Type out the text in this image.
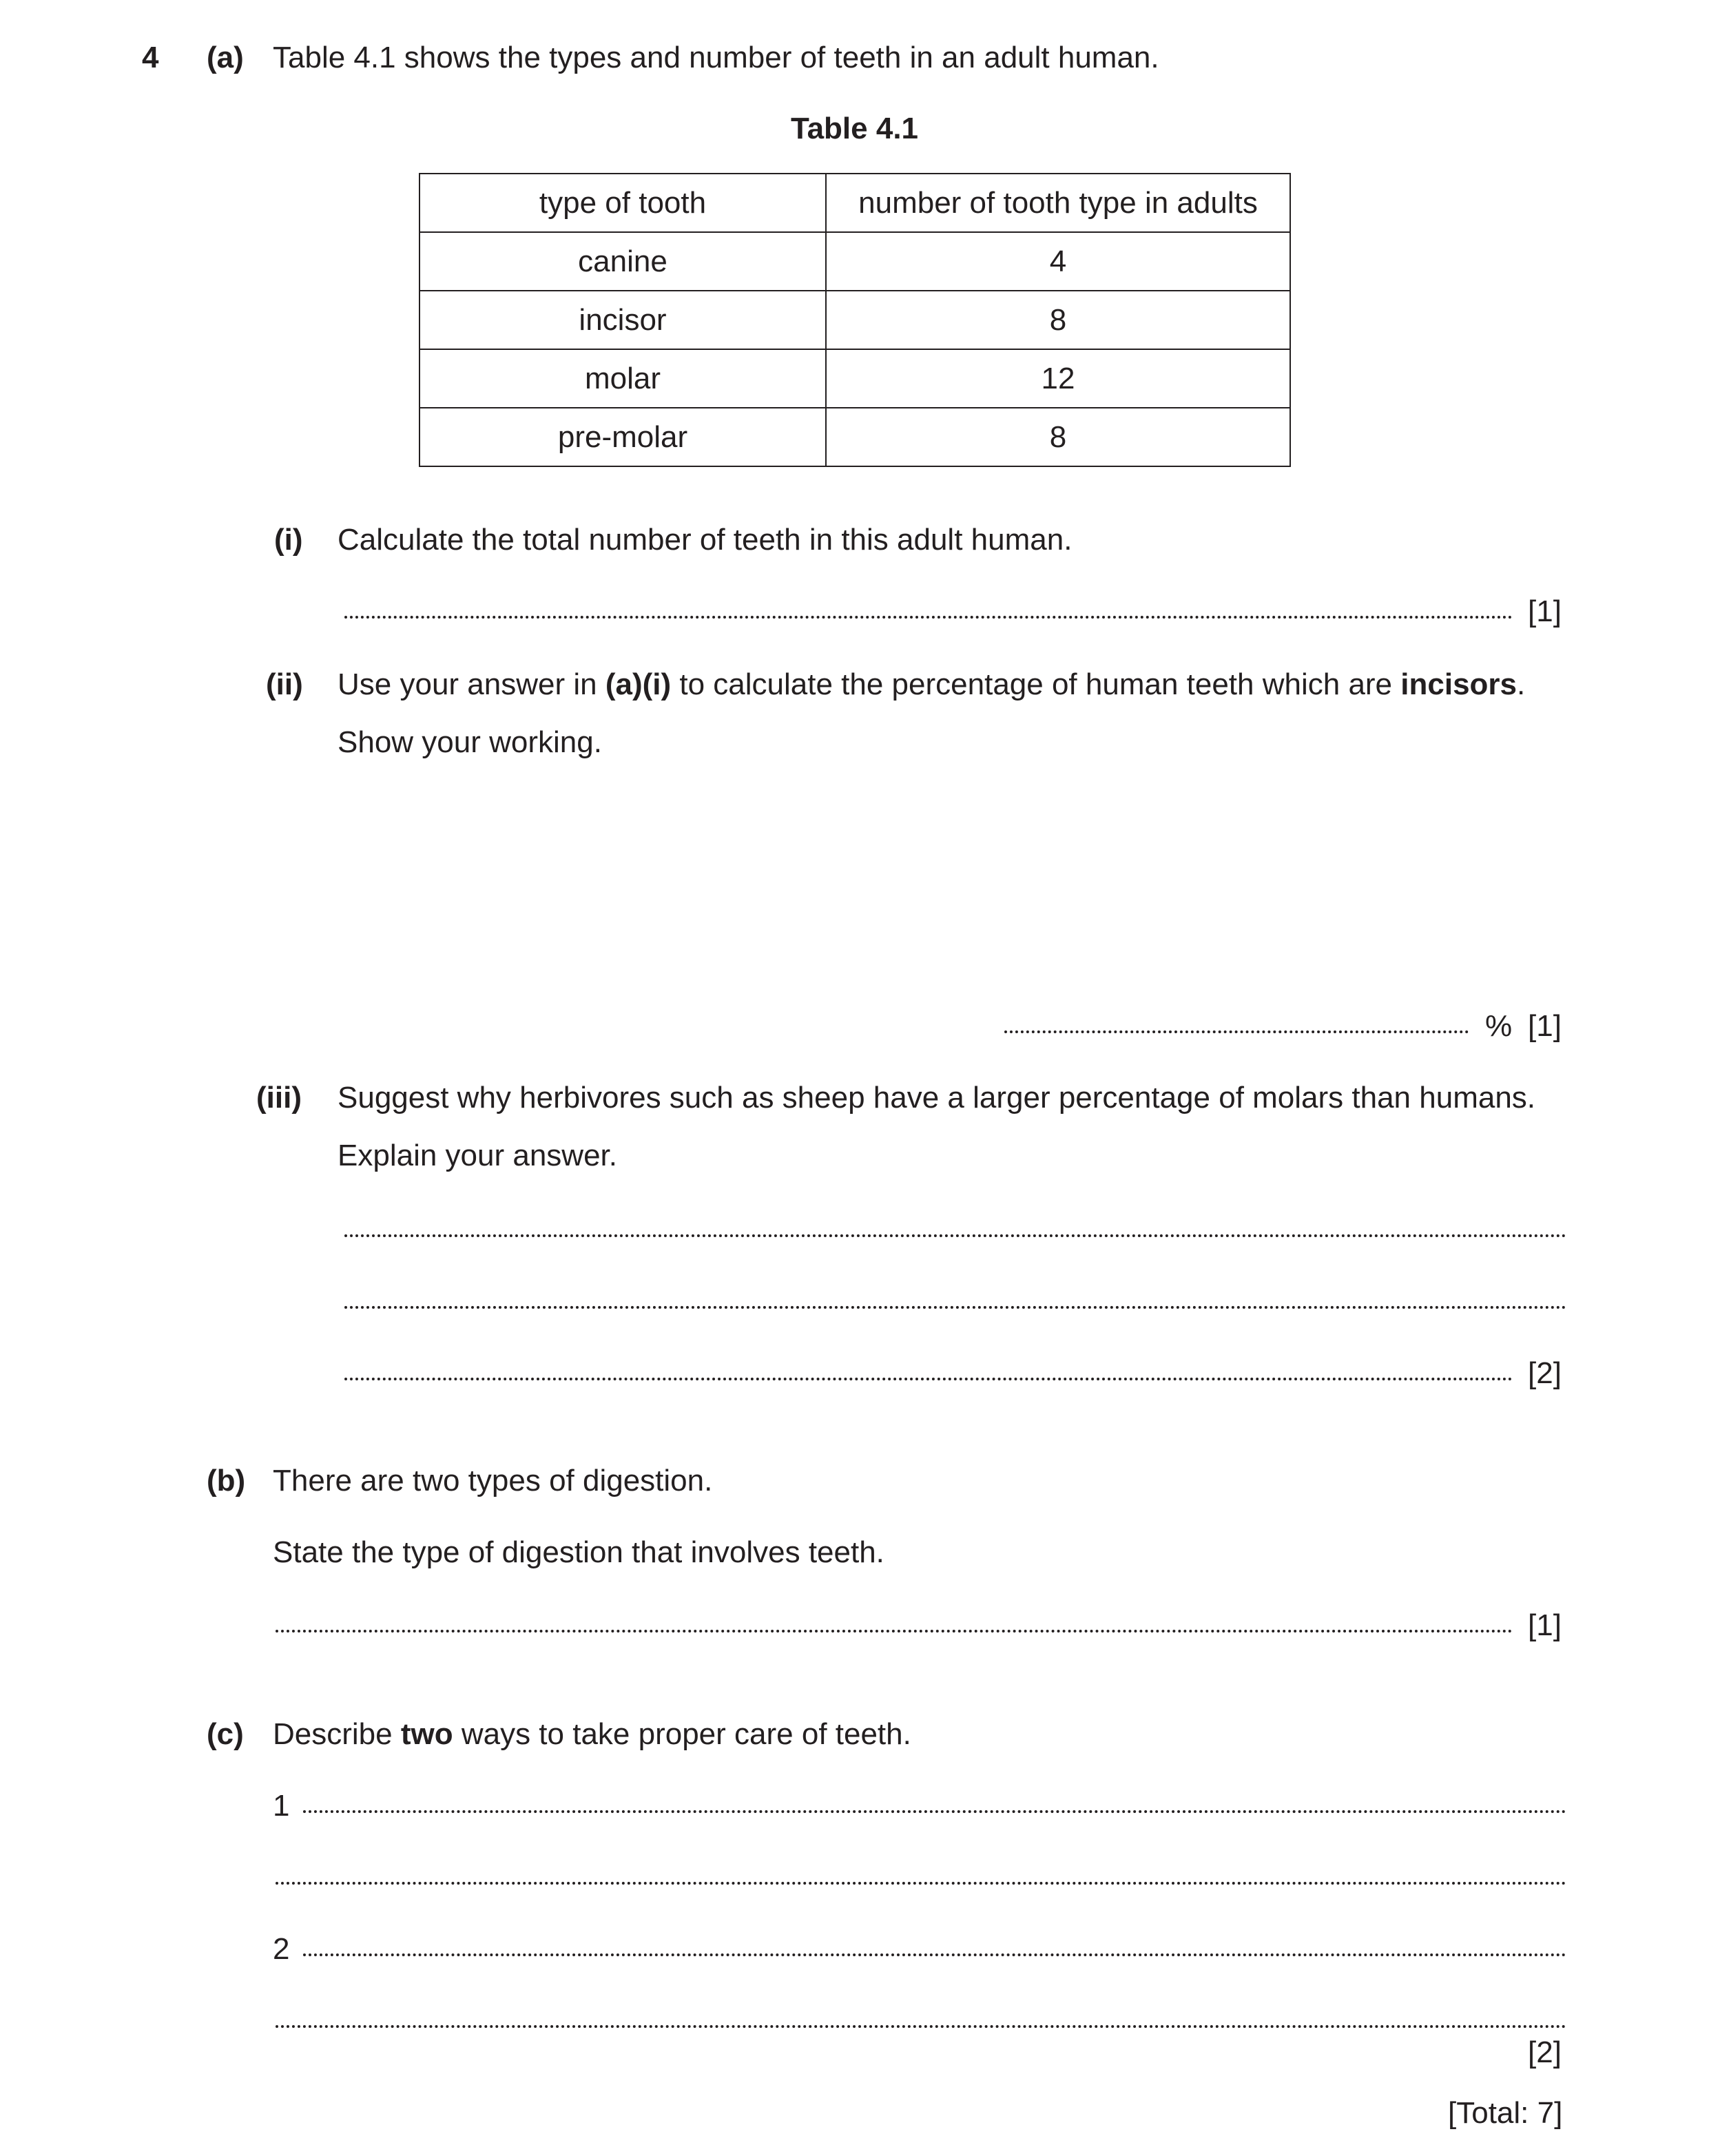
4 (a) Table 4.1 shows the types and number of teeth in an adult human.
Table 4.1
type of tooth	number of tooth type in adults
canine	4
incisor	8
molar	12
pre-molar	8
(i) Calculate the total number of teeth in this adult human.
[1]
(ii) Use your answer in (a)(i) to calculate the percentage of human teeth which are incisors.
Show your working.
% [1]
(iii) Suggest why herbivores such as sheep have a larger percentage of molars than humans.
Explain your answer.
[2]
(b) There are two types of digestion.
State the type of digestion that involves teeth.
[1]
(c) Describe two ways to take proper care of teeth.
1
2
[2]
[Total: 7]
